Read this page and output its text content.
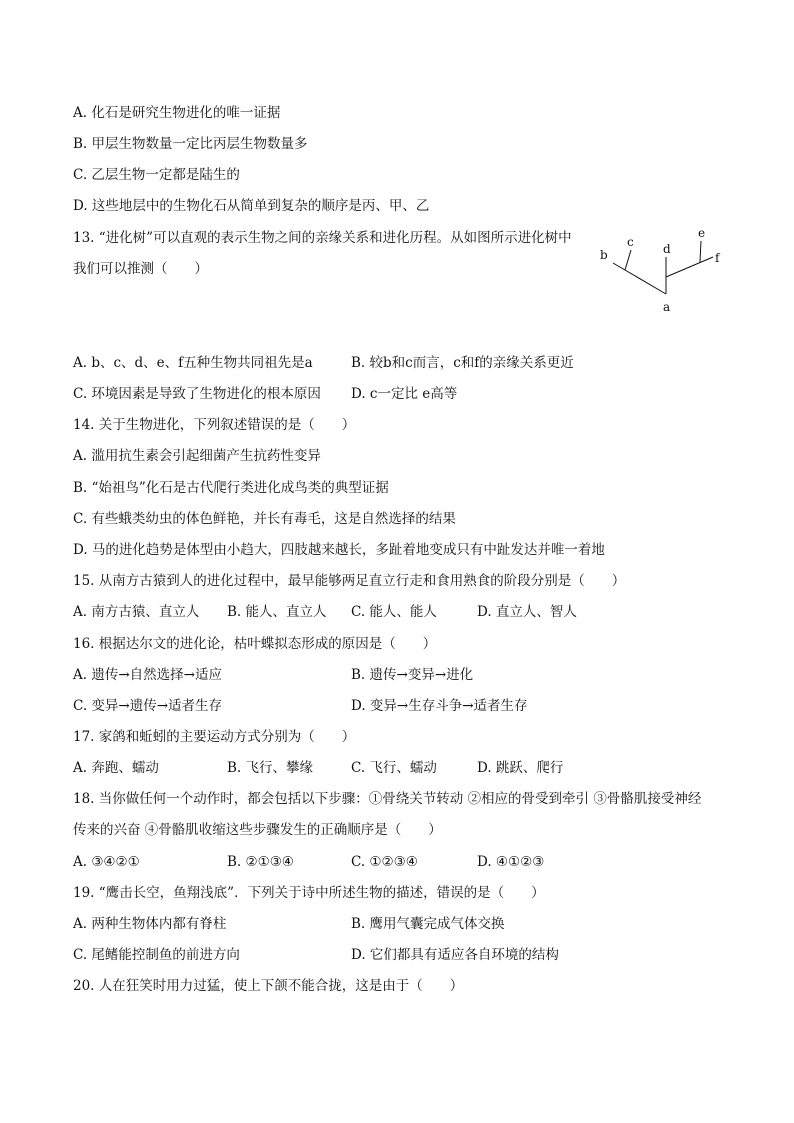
A. 化石是研究生物进化的唯一证据
B. 甲层生物数量一定比丙层生物数量多
C. 乙层生物一定都是陆生的
D. 这些地层中的生物化石从简单到复杂的顺序是丙、甲、乙
13. “进化树”可以直观的表示生物之间的亲缘关系和进化历程。从如图所示进化树中
我们可以推测（　　）
a
b
c d
e
f
A. b、c、d、e、f五种生物共同祖先是a	B. 较b和c而言，c和f的亲缘关系更近
C. 环境因素是导致了生物进化的根本原因 D. c一定比 e高等
14. 关于生物进化，下列叙述错误的是（　　）
A. 滥用抗生素会引起细菌产生抗药性变异
B. “始祖鸟”化石是古代爬行类进化成鸟类的典型证据
C. 有些蛾类幼虫的体色鲜艳，并长有毒毛，这是自然选择的结果
D. 马的进化趋势是体型由小趋大，四肢越来越长，多趾着地变成只有中趾发达并唯一着地
15. 从南方古猿到人的进化过程中，最早能够两足直立行走和食用熟食的阶段分别是（　　）
A. 南方古猿、直立人 B. 能人、直立人 C. 能人、能人	D. 直立人、智人
16. 根据达尔文的进化论，枯叶蝶拟态形成的原因是（　　）
A. 遗传→自然选择→适应	B. 遗传→变异→进化
C. 变异→遗传→适者生存	D. 变异→生存斗争→适者生存
17. 家鸽和蚯蚓的主要运动方式分别为（　　）
A. 奔跑、蠕动	B. 飞行、攀缘	C. 飞行、蠕动	D. 跳跃、爬行
18. 当你做任何一个动作时，都会包括以下步骤：①骨绕关节转动 ②相应的骨受到牵引 ③骨骼肌接受神经
传来的兴奋 ④骨骼肌收缩这些步骤发生的正确顺序是（　　）
A. ③④②①	B. ②①③④	C. ①②③④	D. ④①②③
19. “鹰击长空，鱼翔浅底”．下列关于诗中所述生物的描述，错误的是（　　）
A. 两种生物体内都有脊柱	B. 鹰用气囊完成气体交换
C. 尾鳍能控制鱼的前进方向	D. 它们都具有适应各自环境的结构
20. 人在狂笑时用力过猛，使上下颌不能合拢，这是由于（　　）
